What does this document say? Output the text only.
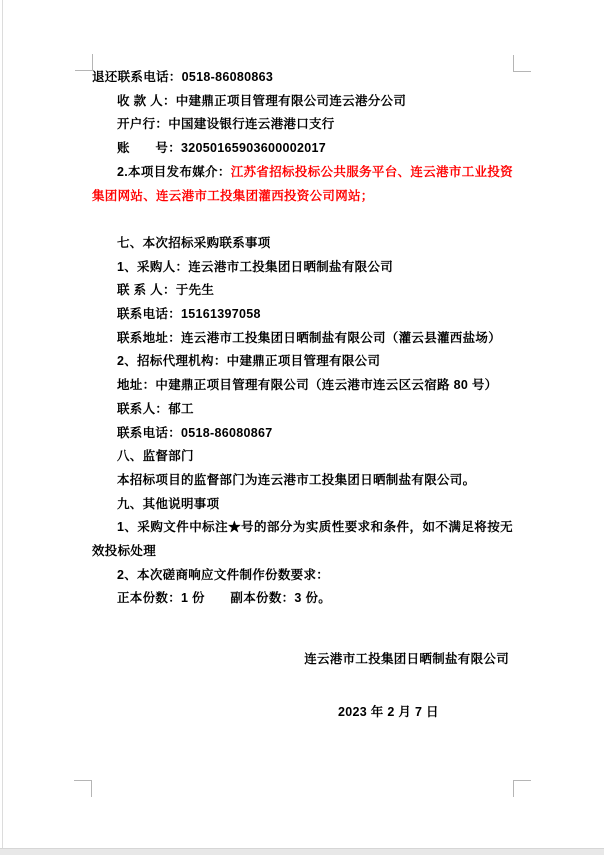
退还联系电话：0518-86080863

收 款 人：中建鼎正项目管理有限公司连云港分公司

开户行：中国建设银行连云港港口支行

账　　号：32050165903600002017

2.本项目发布媒介：江苏省招标投标公共服务平台、连云港市工业投资集团网站、连云港市工投集团灌西投资公司网站；

七、本次招标采购联系事项

1、采购人：连云港市工投集团日晒制盐有限公司

联 系 人：于先生

联系电话：15161397058

联系地址：连云港市工投集团日晒制盐有限公司（灌云县灌西盐场）

2、招标代理机构：中建鼎正项目管理有限公司

地址：中建鼎正项目管理有限公司（连云港市连云区云宿路 80 号）

联系人：郁工

联系电话：0518-86080867

八、监督部门

本招标项目的监督部门为连云港市工投集团日晒制盐有限公司。

九、其他说明事项

1、采购文件中标注★号的部分为实质性要求和条件，如不满足将按无效投标处理

2、本次磋商响应文件制作份数要求：

正本份数：1 份　　副本份数：3 份。

连云港市工投集团日晒制盐有限公司

2023 年 2 月 7 日
